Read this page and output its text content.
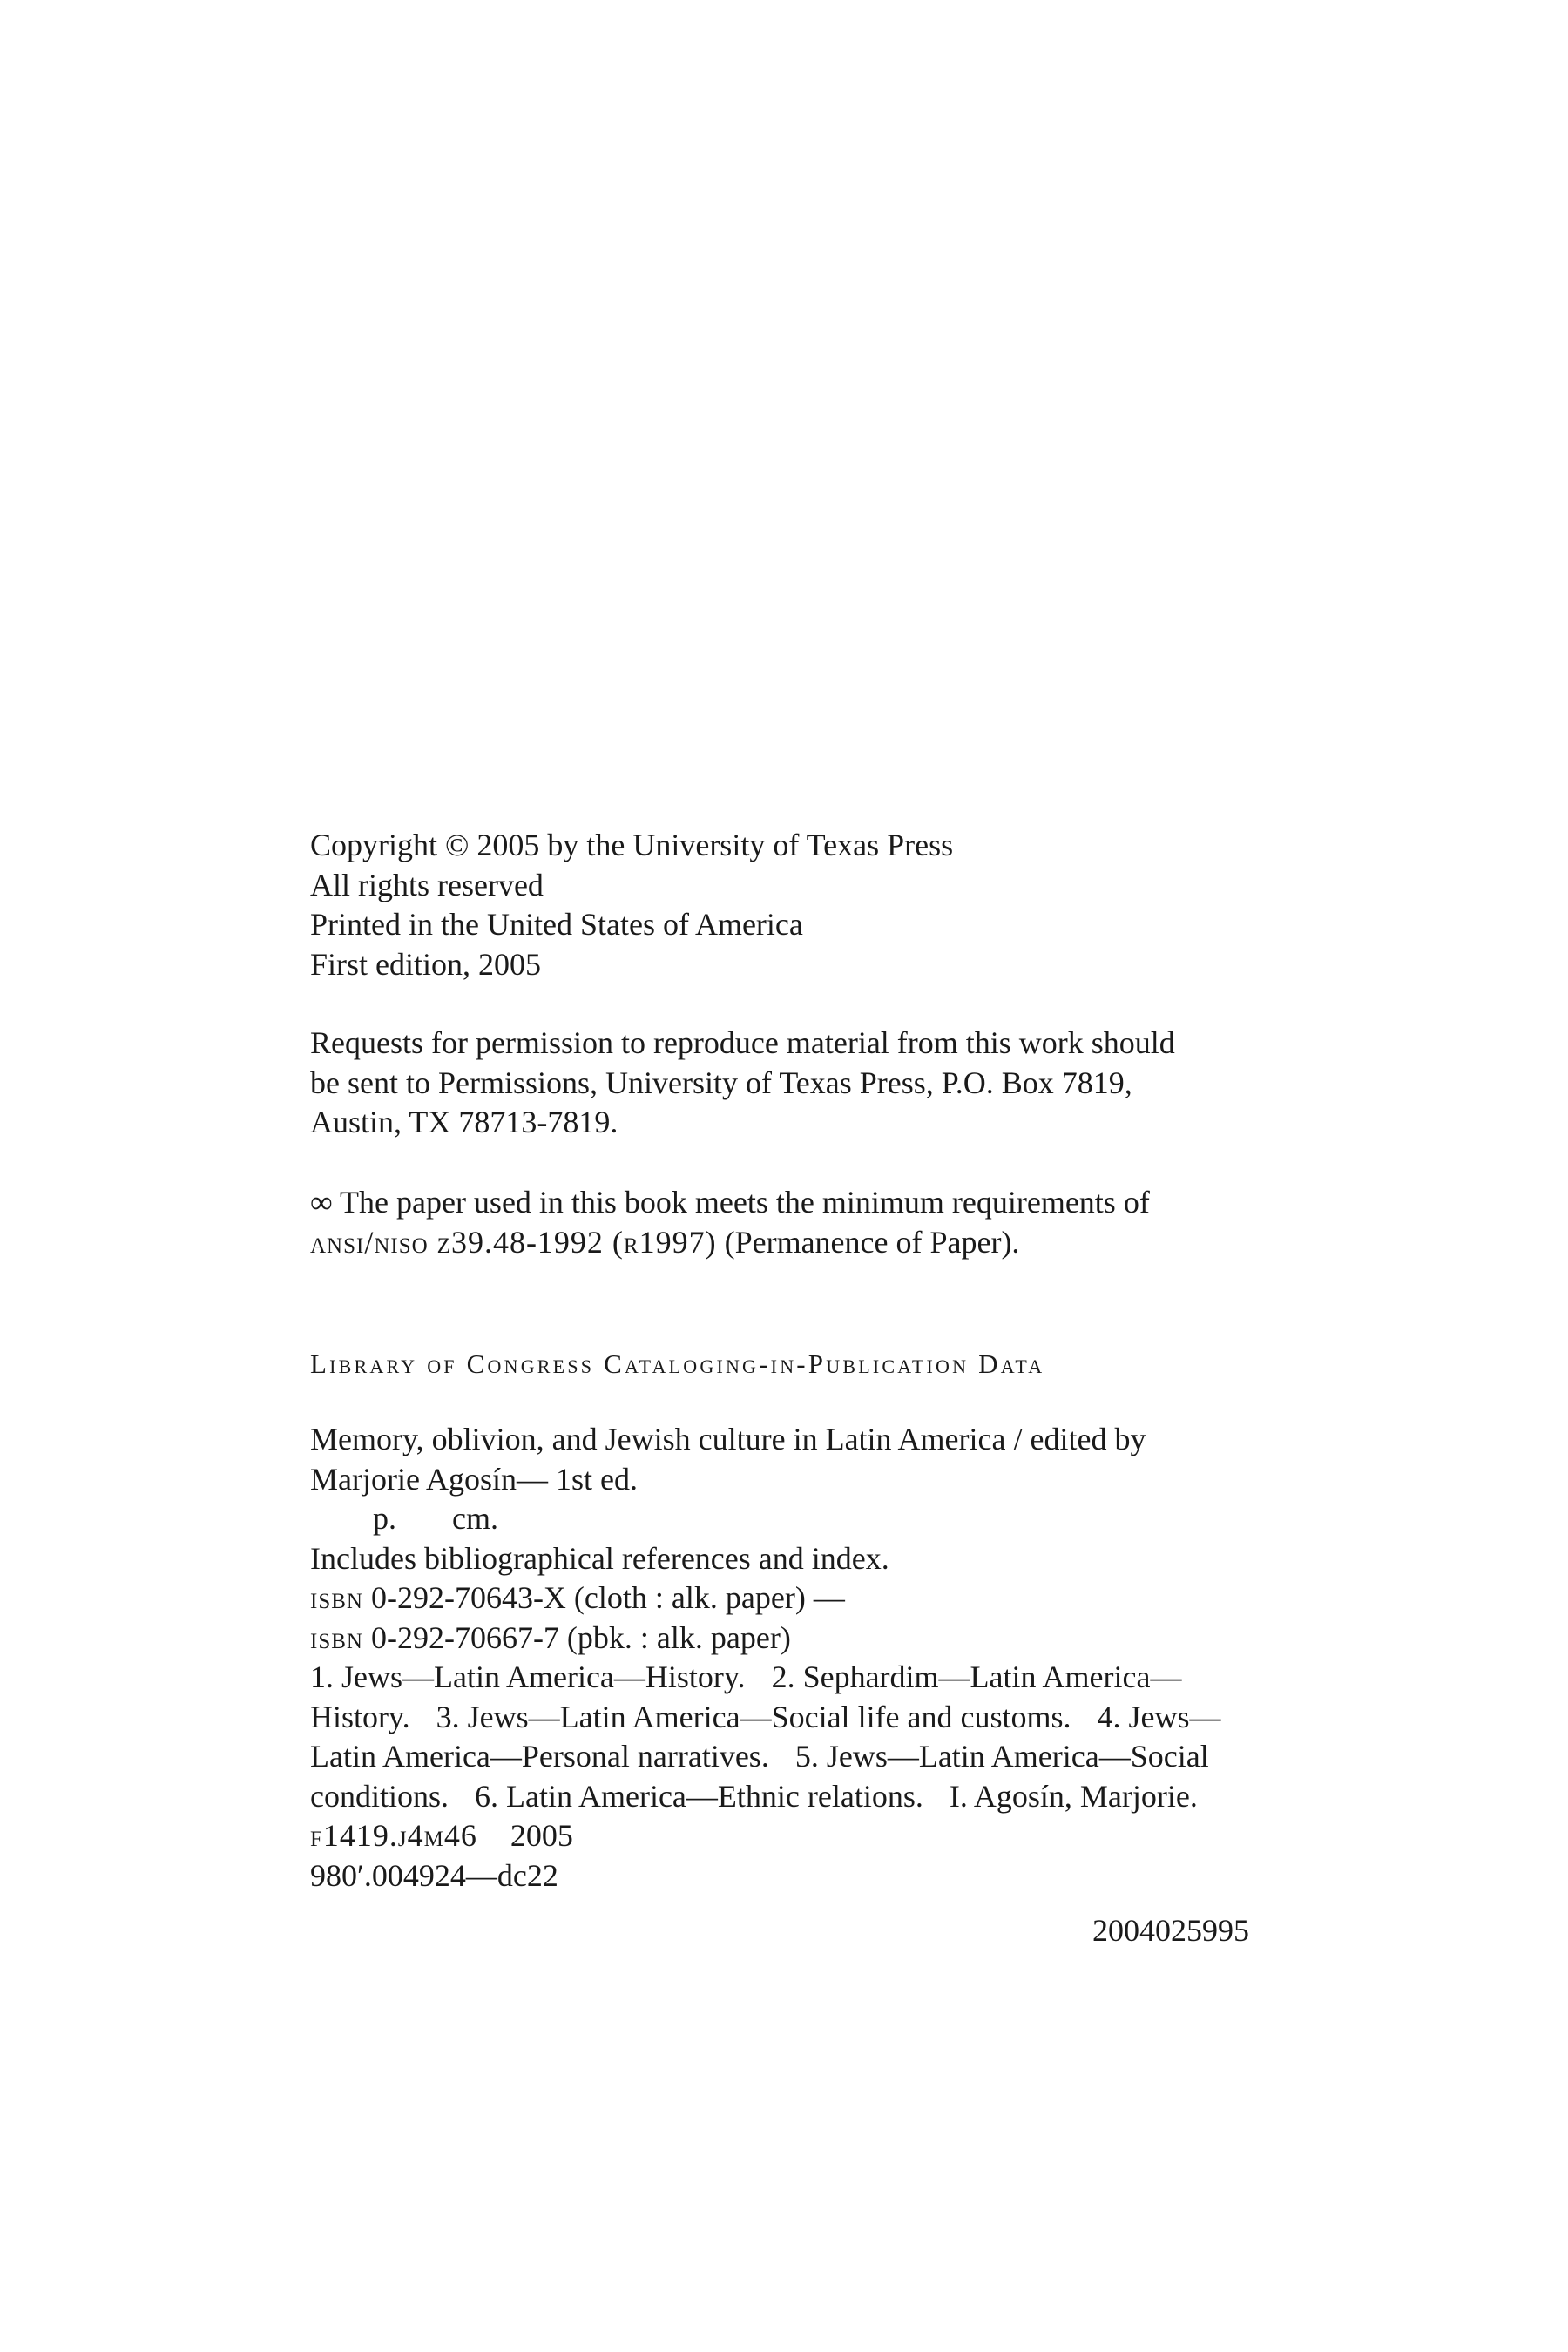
Copyright © 2005 by the University of Texas Press
All rights reserved
Printed in the United States of America
First edition, 2005
Requests for permission to reproduce material from this work should
be sent to Permissions, University of Texas Press, P.O. Box 7819,
Austin, TX 78713-7819.
∞ The paper used in this book meets the minimum requirements of
ansi/niso z39.48-1992 (r1997) (Permanence of Paper).
Library of Congress Cataloging-in-Publication Data
Memory, oblivion, and Jewish culture in Latin America / edited by
Marjorie Agosín— 1st ed.
p. cm.
Includes bibliographical references and index.
isbn 0-292-70643-X (cloth : alk. paper) —
isbn 0-292-70667-7 (pbk. : alk. paper)
1. Jews—Latin America—History. 2. Sephardim—Latin America—
History. 3. Jews—Latin America—Social life and customs. 4. Jews—
Latin America—Personal narratives. 5. Jews—Latin America—Social
conditions. 6. Latin America—Ethnic relations. I. Agosín, Marjorie.
f1419.j4m46 2005
980′.004924—dc22
2004025995
